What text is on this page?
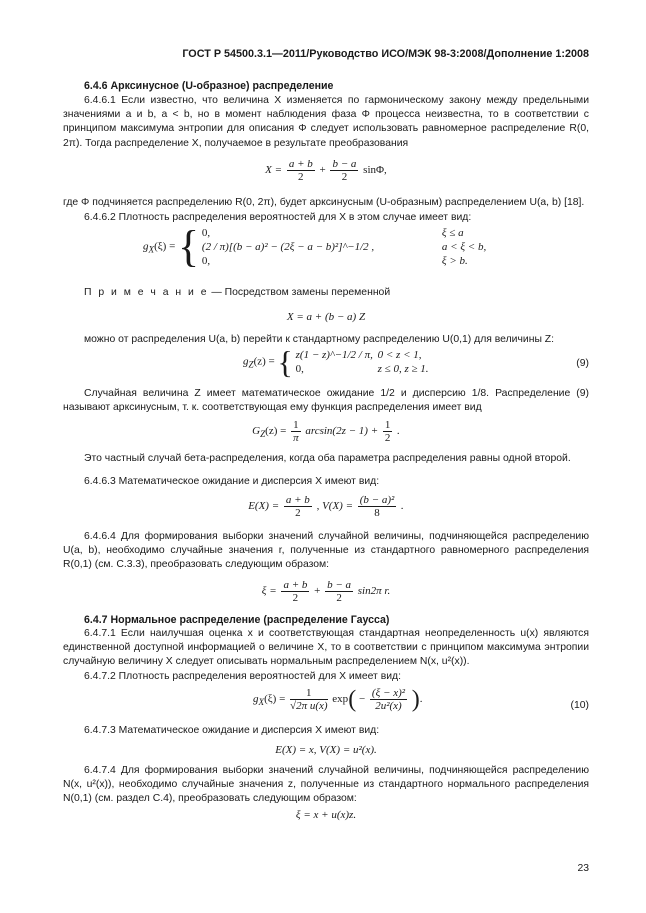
ГОСТ Р 54500.3.1—2011/Руководство ИСО/МЭК 98-3:2008/Дополнение 1:2008
6.4.6 Арксинусное (U-образное) распределение
6.4.6.1 Если известно, что величина X изменяется по гармоническому закону между предельными значениями a и b, a < b, но в момент наблюдения фаза Φ процесса неизвестна, то в соответствии с принципом максимума энтропии для описания Φ следует использовать равномерное распределение R(0, 2π). Тогда распределение X, получаемое в результате преобразования
$X = \frac{a + b}{2} + \frac{b - a}{2} \sin\Phi$,
где Φ подчиняется распределению R(0, 2π), будет арксинусным (U-образным) распределением U(a, b) [18].
6.4.6.2 Плотность распределения вероятностей для X в этом случае имеет вид:
$g_X(\xi)$ = { 0,	ξ ≤ a
(2 / π)[(b − a)² − (2ξ − a − b)²]^−1/2 ,	a < ξ < b,
0,	ξ > b.
П р и м е ч а н и е — Посредством замены переменной
X = a + (b − a) Z
можно от распределения U(a, b) перейти к стандартному распределению U(0,1) для величины Z:
$g_Z(z)$ = { z(1 − z)^−1/2 / π, 0 < z < 1,
0,	z ≤ 0, z ≥ 1.	(9)
Случайная величина Z имеет математическое ожидание 1/2 и дисперсию 1/8. Распределение (9) называют арксинусным, т. к. соответствующая ему функция распределения имеет вид
$G_Z(z) = \frac{1}{\pi} \arcsin(2z - 1) + \frac{1}{2}$ .
Это частный случай бета-распределения, когда оба параметра распределения равны одной второй.
6.4.6.3 Математическое ожидание и дисперсия X имеют вид:
$E(X) = \frac{a + b}{2}$ , $V(X) = \frac{\text{(b − a)²}}{8}$ .
6.4.6.4 Для формирования выборки значений случайной величины, подчиняющейся распределению U(a, b), необходимо случайные значения r, полученные из стандартного равномерного распределения R(0,1) (см. С.3.3), преобразовать следующим образом:
$\xi = \frac{a + b}{2} + \frac{b - a}{2} \sin 2\pi$ r.
6.4.7 Нормальное распределение (распределение Гаусса)
6.4.7.1 Если наилучшая оценка x и соответствующая стандартная неопределенность u(x) являются единственной доступной информацией о величине X, то в соответствии с принципом максимума энтропии случайную величину X следует описывать нормальным распределением N(x, u²(x)).
6.4.7.2 Плотность распределения вероятностей для X имеет вид:
$g_X(\xi) = \frac{1}{\text{√2π u(x)}} \exp( - \frac{\text{(ξ − x)²}}{\text{2u²(x)}}$ ).
(10)
6.4.7.3 Математическое ожидание и дисперсия X имеют вид:
E(X) = x, V(X) = u²(x).
6.4.7.4 Для формирования выборки значений случайной величины, подчиняющейся распределению N(x, u²(x)), необходимо случайные значения z, полученные из стандартного нормального распределения N(0,1) (см. раздел С.4), преобразовать следующим образом:
ξ = x + u(x)z.
23
